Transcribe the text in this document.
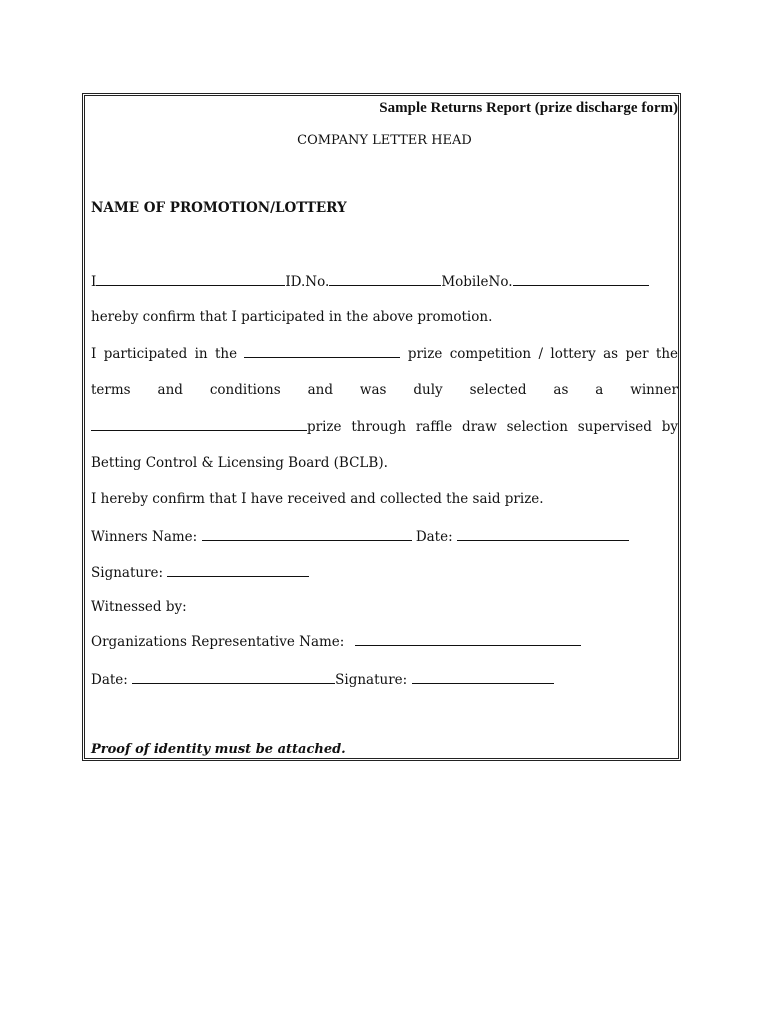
Sample Returns Report (prize discharge form)
COMPANY LETTER HEAD
NAME OF PROMOTION/LOTTERY
I	ID.No.	MobileNo.
hereby confirm that I participated in the above promotion.
I participated in the	prize competition / lottery as per the
terms and conditions and was duly selected as a winner
prize through raffle draw selection supervised by
Betting Control & Licensing Board (BCLB).
I hereby confirm that I have received and collected the said prize.
Winners Name:	Date:
Signature:
Witnessed by:
Organizations Representative Name:
Date:	Signature:
Proof of identity must be attached.
